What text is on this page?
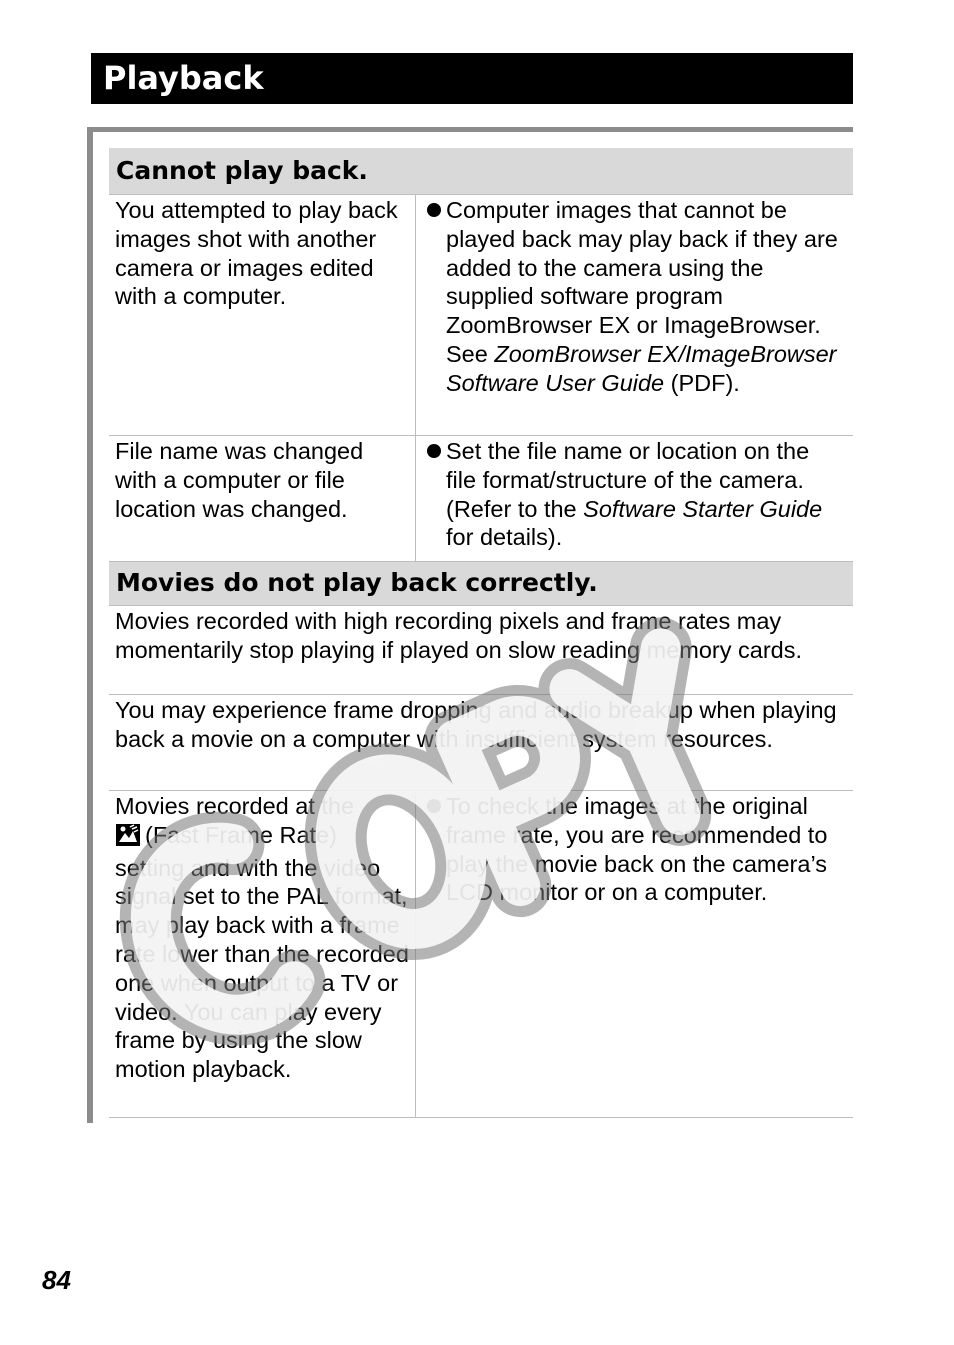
Playback
Cannot play back.
You attempted to play back images shot with another camera or images edited with a computer.
Computer images that cannot be played back may play back if they are added to the camera using the supplied software program ZoomBrowser EX or ImageBrowser. See ZoomBrowser EX/ImageBrowser Software User Guide (PDF).
File name was changed with a computer or file location was changed.
Set the file name or location on the file format/structure of the camera. (Refer to the Software Starter Guide for details).
Movies do not play back correctly.
Movies recorded with high recording pixels and frame rates may momentarily stop playing if played on slow reading memory cards.
You may experience frame dropping and audio breakup when playing back a movie on a computer with insufficient system resources.
Movies recorded at the
(Fast Frame Rate) setting and with the video signal set to the PAL format, may play back with a frame rate lower than the recorded one when output to a TV or video. You can play every frame by using the slow motion playback.
To check the images at the original frame rate, you are recommended to play the movie back on the camera’s LCD monitor or on a computer.
84
